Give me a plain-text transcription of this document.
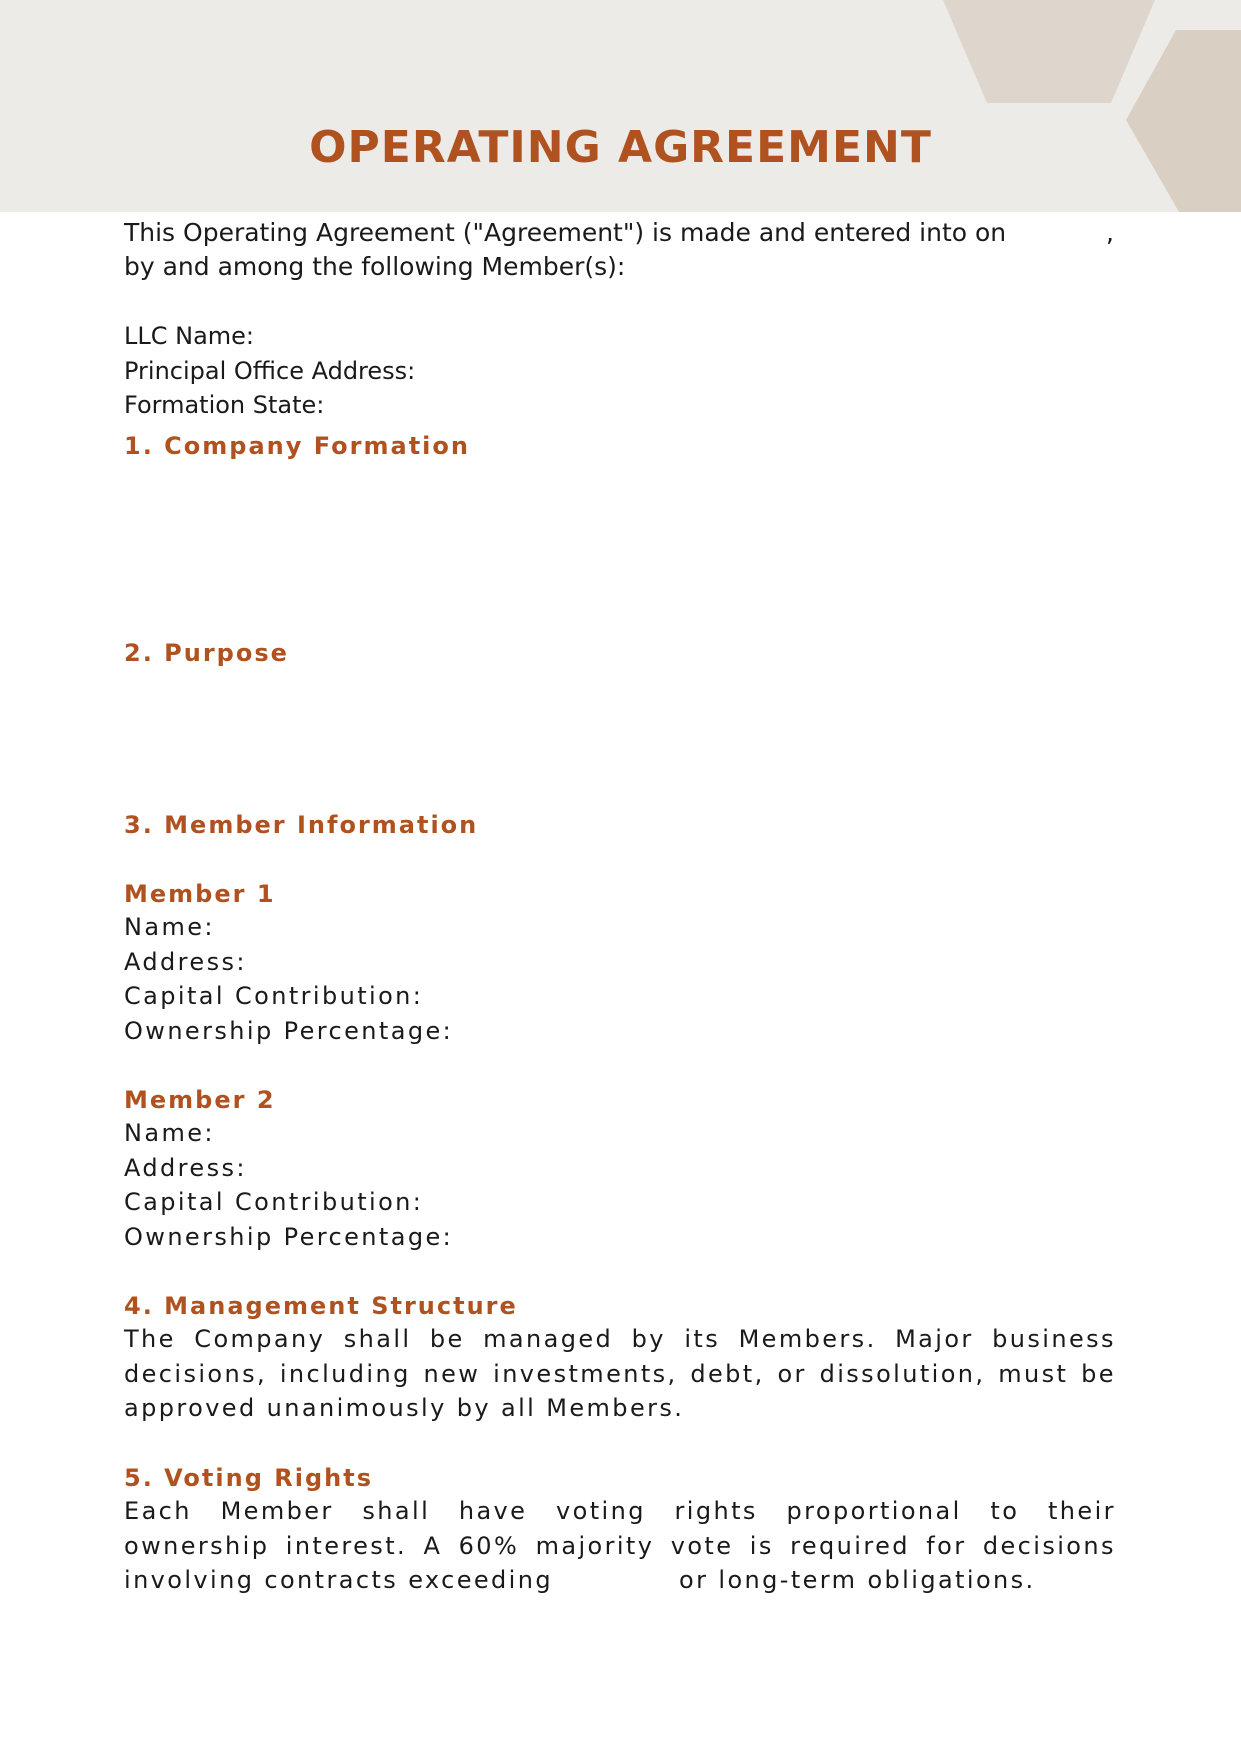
OPERATING AGREEMENT
This Operating Agreement ("Agreement") is made and entered into on	,
by and among the following Member(s):
LLC Name:
Principal Office Address:
Formation State:
1. Company Formation
2. Purpose
3. Member Information
Member 1
Name:
Address:
Capital Contribution:
Ownership Percentage:
Member 2
Name:
Address:
Capital Contribution:
Ownership Percentage:
4. Management Structure
The Company shall be managed by its Members. Major business
decisions, including new investments, debt, or dissolution, must be
approved unanimously by all Members.
5. Voting Rights
Each Member shall have voting rights proportional to their
ownership interest. A 60% majority vote is required for decisions
involving contracts exceeding	or long-term obligations.
